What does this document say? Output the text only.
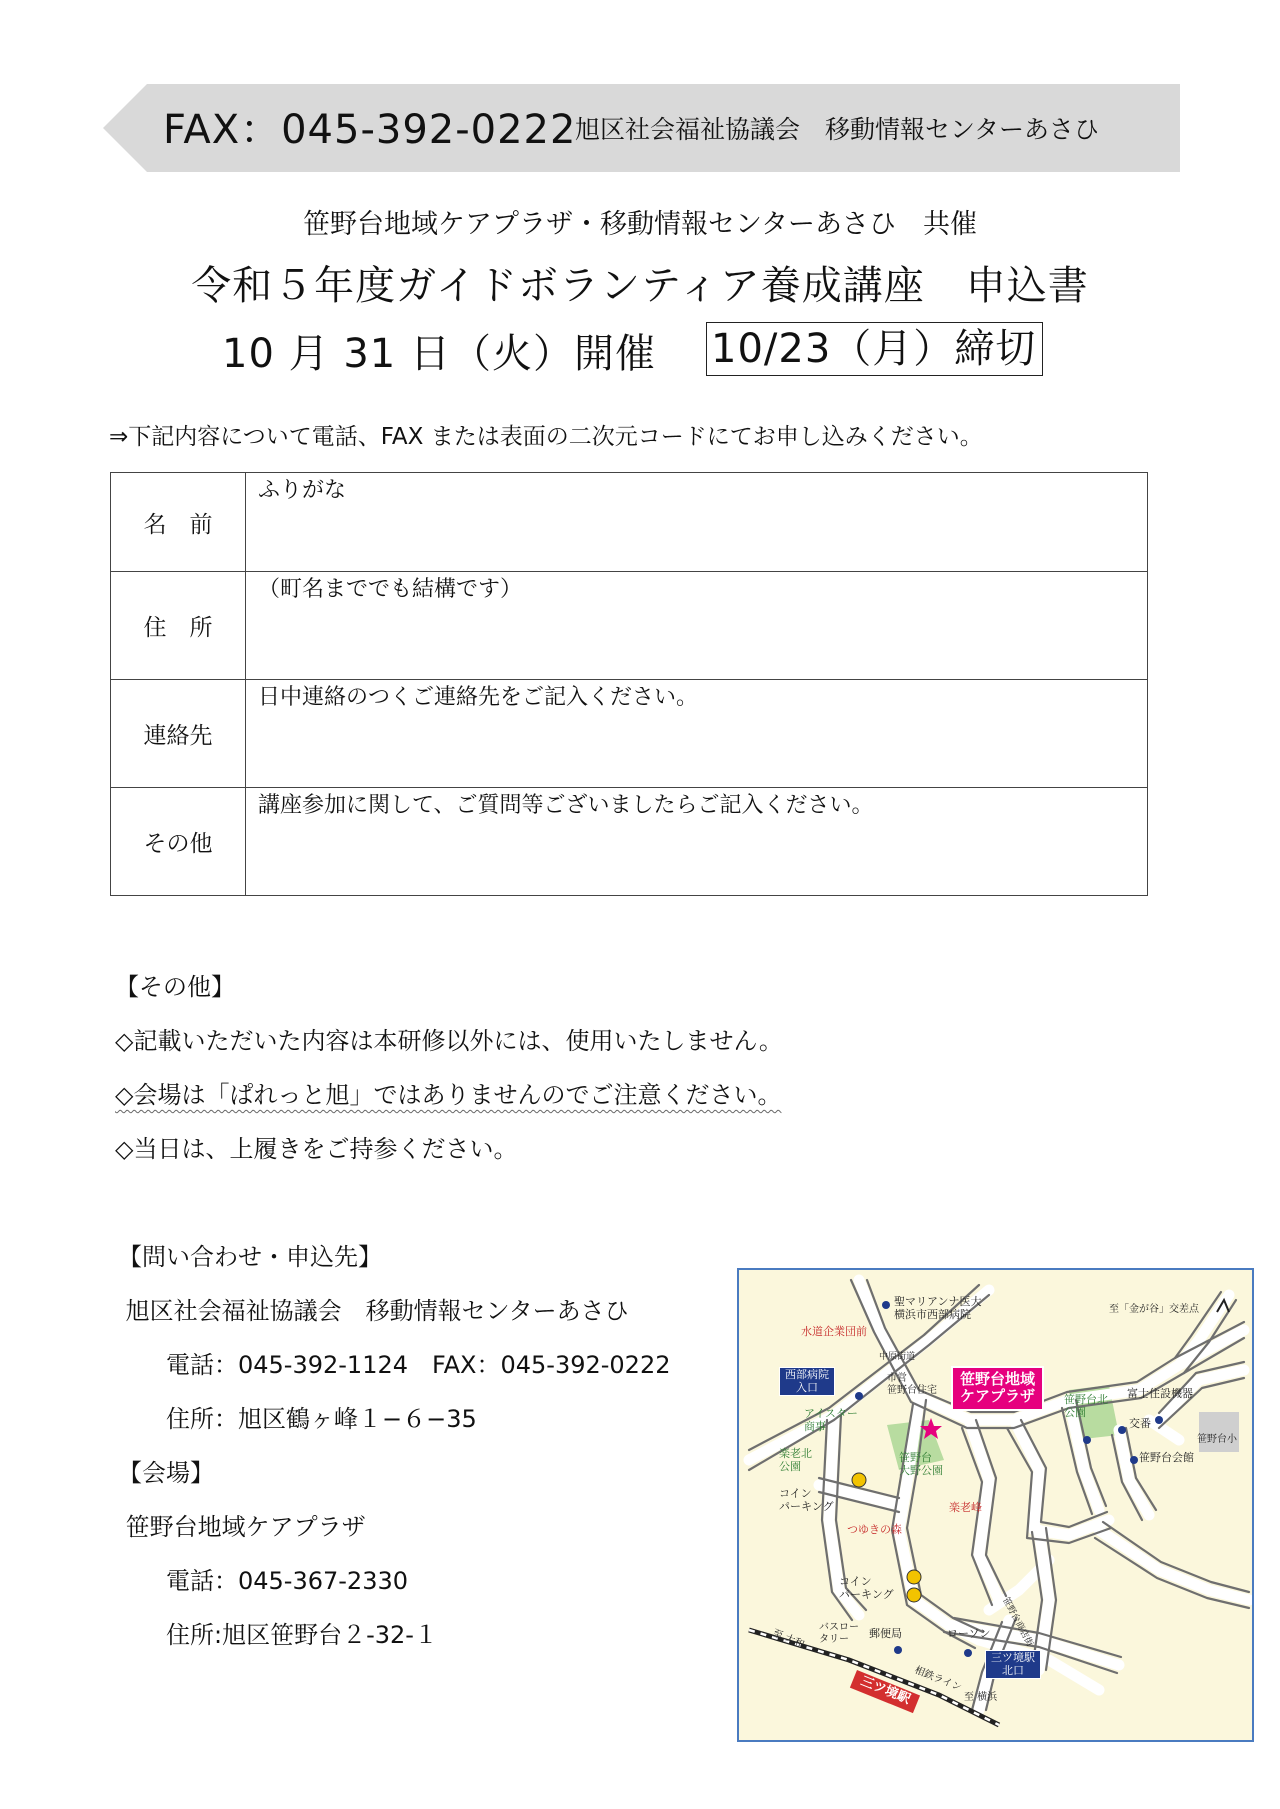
FAX：045-392-0222
旭区社会福祉協議会　移動情報センターあさひ
笹野台地域ケアプラザ・移動情報センターあさひ　共催
令和５年度ガイドボランティア養成講座　申込書
10 月 31 日（火）開催 10/23（月）締切
⇒下記内容について電話、FAX または表面の二次元コードにてお申し込みください。
名　前	ふりがな
住　所	（町名まででも結構です）
連絡先	日中連絡のつくご連絡先をご記入ください。
その他	講座参加に関して、ご質問等ございましたらご記入ください。
【その他】
◇記載いただいた内容は本研修以外には、使用いたしません。
◇会場は「ぱれっと旭」ではありませんのでご注意ください。
◇当日は、上履きをご持参ください。
【問い合わせ・申込先】
旭区社会福祉協議会　移動情報センターあさひ
　　電話：045-392-1124　FAX：045-392-0222
　　住所：旭区鶴ヶ峰１−６−35
【会場】
笹野台地域ケアプラザ
　　電話：045-367-2330
　　住所:旭区笹野台２-32-１
聖マリアンナ医大
横浜市西部病院	至「金が谷」交差点
水道企業団前
西部病院
入口
中原街道
市営
笹野台住宅
笹野台地域
ケアプラザ	笹野台北
公園
富士住設機器
交番
笹野台小
笹野台会館
アイスター
商事
楽老北
公園
笹野台
大野公園
コイン
パーキング	楽老峰
つゆきの森
コイン
パーキング
笹野台商店街
バスロー
タリー	郵便局	ローソン
三ツ境駅
北口
至 大和
三ツ境駅 相鉄ライン
至 横浜
